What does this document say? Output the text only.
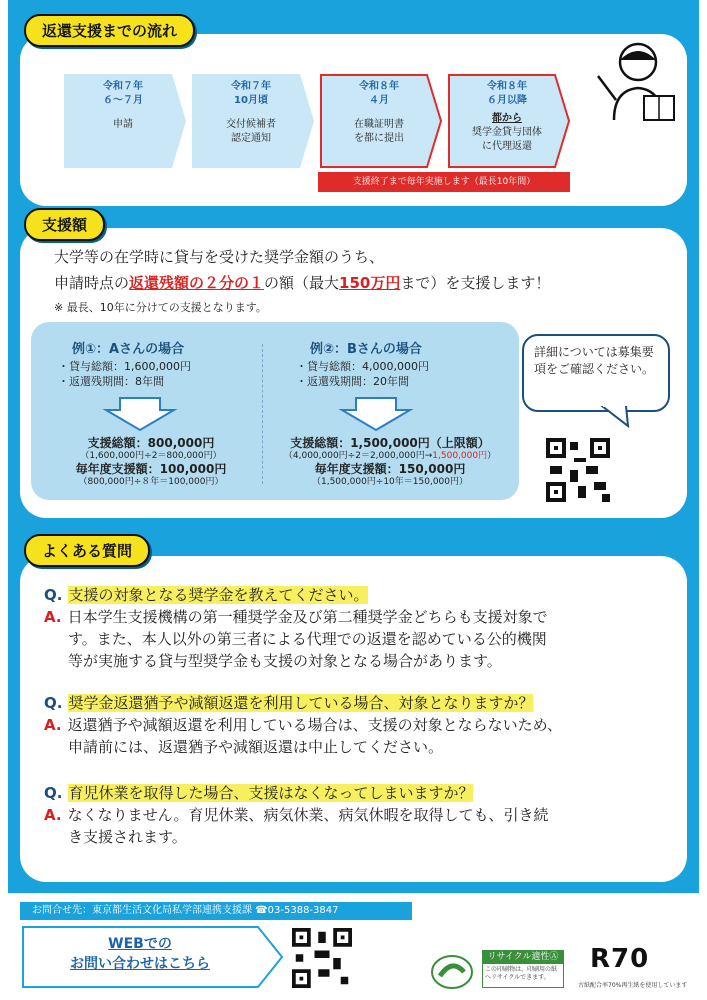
返還支援までの流れ
令和７年
６～７月
申請
令和７年
10月頃
交付候補者
認定通知
令和８年
４月
在職証明書
を都に提出
令和８年
６月以降
都から
奨学金貸与団体
に代理返還
支援終了まで毎年実施します（最長10年間）
支援額
大学等の在学時に貸与を受けた奨学金額のうち、
申請時点の返還残額の２分の１の額（最大150万円まで）を支援します！
※ 最長、10年に分けての支援となります。
例①：Aさんの場合
・貸与総額：1,600,000円
・返還残期間：8年間
例②：Bさんの場合
・貸与総額：4,000,000円
・返還残期間：20年間
支援総額：800,000円
（1,600,000円÷2＝800,000円）
毎年度支援額：100,000円
（800,000円÷８年＝100,000円）
支援総額：1,500,000円（上限額）
（4,000,000円÷2＝2,000,000円→1,500,000円）
毎年度支援額：150,000円
（1,500,000円÷10年＝150,000円）
詳細については募集要項をご確認ください。
よくある質問
Q. 支援の対象となる奨学金を教えてください。
A. 日本学生支援機構の第一種奨学金及び第二種奨学金どちらも支援対象で
す。また、本人以外の第三者による代理での返還を認めている公的機関
等が実施する貸与型奨学金も支援の対象となる場合があります。
Q. 奨学金返還猶予や減額返還を利用している場合、対象となりますか？
A. 返還猶予や減額返還を利用している場合は、支援の対象とならないため、
申請前には、返還猶予や減額返還は中止してください。
Q. 育児休業を取得した場合、支援はなくなってしまいますか？
A. なくなりません。育児休業、病気休業、病気休暇を取得しても、引き続
き支援されます。
お問合せ先：東京都生活文化局私学部連携支援課 ☎03-5388-3847
WEBでの
お問い合わせはこちら	リサイクル適性Ⓐ
この印刷物は、印刷用の紙へリサイクルできます。
R70
古紙配合率70%再生紙を使用しています
